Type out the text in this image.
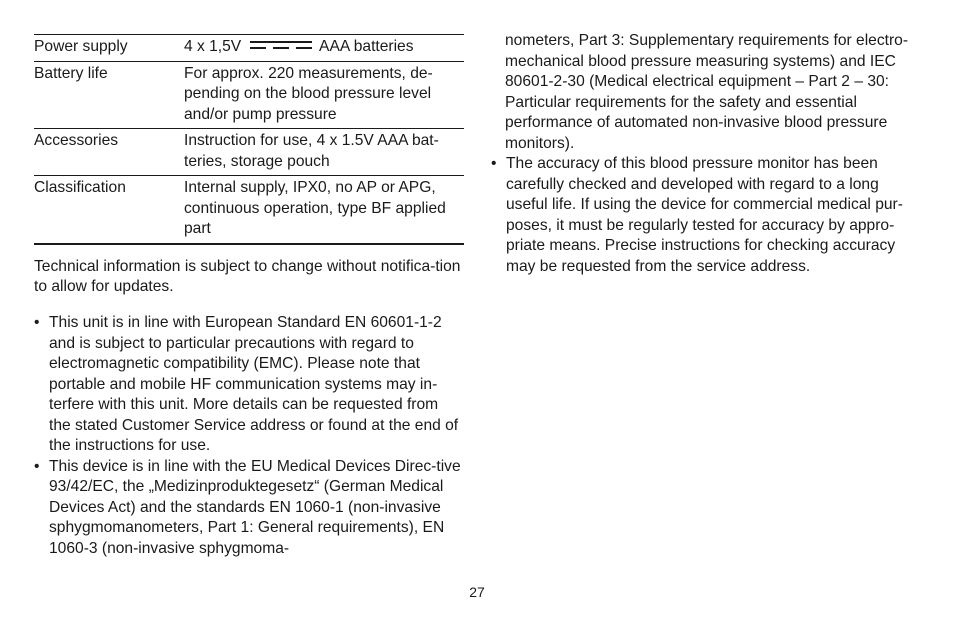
Power supply	4 x 1,5V AAA batteries
Battery life	For approx. 220 measurements, de-pending on the blood pressure level and/or pump pressure
Accessories	Instruction for use, 4 x 1.5V AAA bat-teries, storage pouch
Classification	Internal supply, IPX0, no AP or APG, continuous operation, type BF applied part

Technical information is subject to change without notifica-tion to allow for updates.

• This unit is in line with European Standard EN 60601-1-2 and is subject to particular precautions with regard to electromagnetic compatibility (EMC). Please note that portable and mobile HF communication systems may in-terfere with this unit. More details can be requested from the stated Customer Service address or found at the end of the instructions for use.
• This device is in line with the EU Medical Devices Direc-tive 93/42/EC, the „Medizinproduktegesetz“ (German Medical Devices Act) and the standards EN 1060-1 (non-invasive sphygmomanometers, Part 1: General requirements), EN 1060-3 (non-invasive sphygmoma-
nometers, Part 3: Supplementary requirements for electro-mechanical blood pressure measuring systems) and IEC 80601-2-30 (Medical electrical equipment – Part 2 – 30: Particular requirements for the safety and essential performance of automated non-invasive blood pressure monitors).
• The accuracy of this blood pressure monitor has been carefully checked and developed with regard to a long useful life. If using the device for commercial medical pur-poses, it must be regularly tested for accuracy by appro-priate means. Precise instructions for checking accuracy may be requested from the service address.
27
